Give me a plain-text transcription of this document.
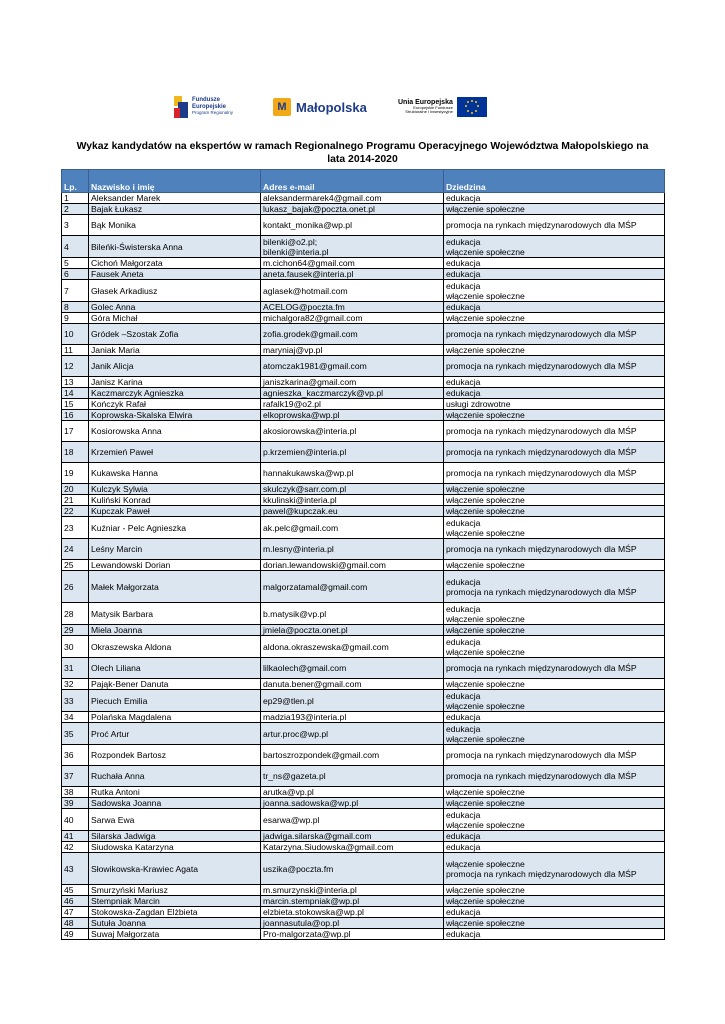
Fundusze
Europejskie
Program Regionalny	M Małopolska	Unia Europejska
Europejskie Fundusze
Strukturalne i Inwestycyjne
Wykaz kandydatów na ekspertów w ramach Regionalnego Programu Operacyjnego Województwa Małopolskiego na
lata 2014-2020
Lp.	Nazwisko i imię	Adres e-mail	Dziedzina
1	Aleksander Marek	aleksandermarek4@gmail.com	edukacja

2	Bajak Łukasz	lukasz_bajak@poczta.onet.pl	włączenie społeczne

3	Bąk Monika	kontakt_monika@wp.pl	promocja na rynkach międzynarodowych dla MŚP

4	Bileńki-Świsterska Anna	bilenki@o2.pl;
bilenki@interia.pl	edukacja
włączenie społeczne

5	Cichoń Małgorzata	m.cichon64@gmail.com	edukacja

6	Fausek Aneta	aneta.fausek@interia.pl	edukacja

7	Głasek Arkadiusz	aglasek@hotmail.com	edukacja
włączenie społeczne

8	Golec Anna	ACELOG@poczta.fm	edukacja

9	Góra Michał	michalgora82@gmail.com	włączenie społeczne

10	Gródek –Szostak Zofia	zofia.grodek@gmail.com	promocja na rynkach międzynarodowych dla MŚP

11	Janiak Maria	maryniaj@vp.pl	włączenie społeczne

12	Janik Alicja	atomczak1981@gmail.com	promocja na rynkach międzynarodowych dla MŚP

13	Janisz Karina	janiszkarina@gmail.com	edukacja

14	Kaczmarczyk Agnieszka	agnieszka_kaczmarczyk@vp.pl	edukacja

15	Kończyk Rafał	rafalk19@o2.pl	usługi zdrowotne

16	Koprowska-Skalska Elwira	elkoprowska@wp.pl	włączenie społeczne

17	Kosiorowska Anna	akosiorowska@interia.pl	promocja na rynkach międzynarodowych dla MŚP

18	Krzemień Paweł	p.krzemien@interia.pl	promocja na rynkach międzynarodowych dla MŚP

19	Kukawska Hanna	hannakukawska@wp.pl	promocja na rynkach międzynarodowych dla MŚP

20	Kulczyk Sylwia	skulczyk@sarr.com.pl	włączenie społeczne

21	Kuliński Konrad	kkulinski@interia.pl	włączenie społeczne

22	Kupczak Paweł	pawel@kupczak.eu	włączenie społeczne

23	Kuźniar - Pelc Agnieszka	ak.pelc@gmail.com	edukacja
włączenie społeczne

24	Leśny Marcin	m.lesny@interia.pl	promocja na rynkach międzynarodowych dla MŚP

25	Lewandowski Dorian	dorian.lewandowski@gmail.com	włączenie społeczne

26	Małek Małgorzata	malgorzatamal@gmail.com	edukacja
promocja na rynkach międzynarodowych dla MŚP

28	Matysik Barbara	b.matysik@vp.pl	edukacja
włączenie społeczne

29	Miela Joanna	jmiela@poczta.onet.pl	włączenie społeczne

30	Okraszewska Aldona	aldona.okraszewska@gmail.com	edukacja
włączenie społeczne

31	Olech Liliana	lilkaolech@gmail.com	promocja na rynkach międzynarodowych dla MŚP

32	Pająk-Bener Danuta	danuta.bener@gmail.com	włączenie społeczne

33	Piecuch Emilia	ep29@tlen.pl	edukacja
włączenie społeczne

34	Polańska Magdalena	madzia193@interia.pl	edukacja

35	Proć Artur	artur.proc@wp.pl	edukacja
włączenie społeczne

36	Rozpondek Bartosz	bartoszrozpondek@gmail.com	promocja na rynkach międzynarodowych dla MŚP

37	Ruchała Anna	tr_ns@gazeta.pl	promocja na rynkach międzynarodowych dla MŚP

38	Rutka Antoni	arutka@vp.pl	włączenie społeczne

39	Sadowska Joanna	joanna.sadowska@wp.pl	włączenie społeczne

40	Sarwa Ewa	esarwa@wp.pl	edukacja
włączenie społeczne

41	Silarska Jadwiga	jadwiga.silarska@gmail.com	edukacja

42	Siudowska Katarzyna	Katarzyna.Siudowska@gmail.com	edukacja

43	Słowikowska-Krawiec Agata	uszika@poczta.fm	włączenie społeczne
promocja na rynkach międzynarodowych dla MŚP

45	Smurzyński Mariusz	m.smurzynski@interia.pl	włączenie społeczne

46	Stempniak Marcin	marcin.stempniak@wp.pl	włączenie społeczne

47	Stokowska-Zagdan Elżbieta	elzbieta.stokowska@wp.pl	edukacja

48	Sutuła Joanna	joannasutula@op.pl	włączenie społeczne

49	Suwaj Małgorzata	Pro-malgorzata@wp.pl	edukacja
